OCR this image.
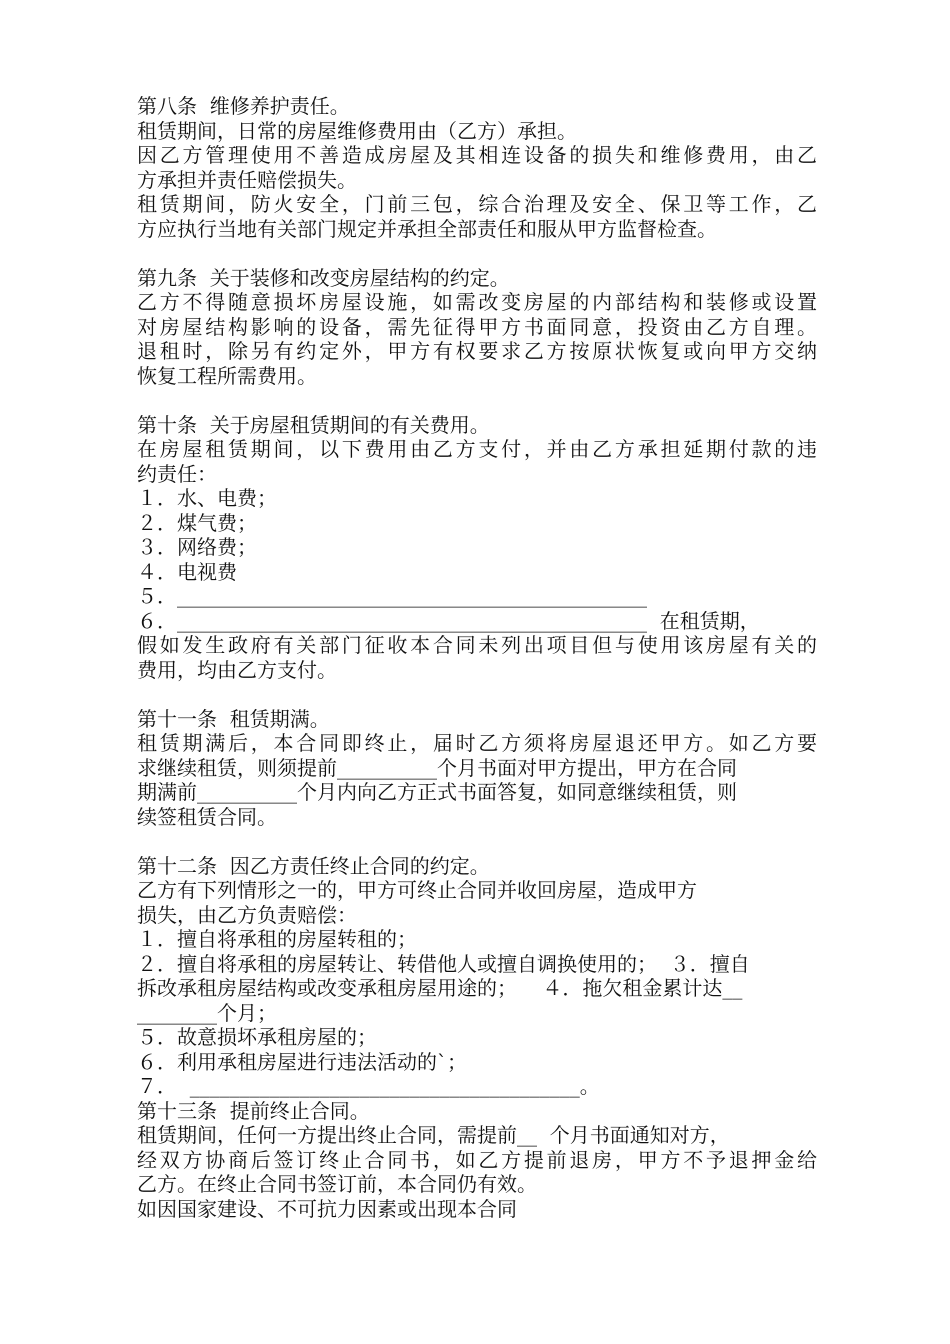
第八条  维修养护责任。
租赁期间，日常的房屋维修费用由（乙方）承担。
因乙方管理使用不善造成房屋及其相连设备的损失和维修费用，由乙
方承担并责任赔偿损失。
租赁期间，防火安全，门前三包，综合治理及安全、保卫等工作，乙
方应执行当地有关部门规定并承担全部责任和服从甲方监督检查。
第九条  关于装修和改变房屋结构的约定。
乙方不得随意损坏房屋设施，如需改变房屋的内部结构和装修或设置
对房屋结构影响的设备，需先征得甲方书面同意，投资由乙方自理。
退租时，除另有约定外，甲方有权要求乙方按原状恢复或向甲方交纳
恢复工程所需费用。
第十条  关于房屋租赁期间的有关费用。
在房屋租赁期间，以下费用由乙方支付，并由乙方承担延期付款的违
约责任：
１．水、电费；
２．煤气费；
３．网络费；
４．电视费
５．_______________________________________________
６．_______________________________________________  在租赁期，
假如发生政府有关部门征收本合同未列出项目但与使用该房屋有关的
费用，均由乙方支付。
第十一条  租赁期满。
租赁期满后，本合同即终止，届时乙方须将房屋退还甲方。如乙方要
求继续租赁，则须提前__________个月书面对甲方提出，甲方在合同
期满前__________个月内向乙方正式书面答复，如同意继续租赁，则
续签租赁合同。
第十二条  因乙方责任终止合同的约定。
乙方有下列情形之一的，甲方可终止合同并收回房屋，造成甲方
损失，由乙方负责赔偿：
１．擅自将承租的房屋转租的；
２．擅自将承租的房屋转让、转借他人或擅自调换使用的；  ３．擅自
拆改承租房屋结构或改变承租房屋用途的；    ４．拖欠租金累计达__
________个月；
５．故意损坏承租房屋的；
６．利用承租房屋进行违法活动的`；
７．  _______________________________________。
第十三条  提前终止合同。
租赁期间，任何一方提出终止合同，需提前__  个月书面通知对方，
经双方协商后签订终止合同书，如乙方提前退房，甲方不予退押金给
乙方。在终止合同书签订前，本合同仍有效。
如因国家建设、不可抗力因素或出现本合同
